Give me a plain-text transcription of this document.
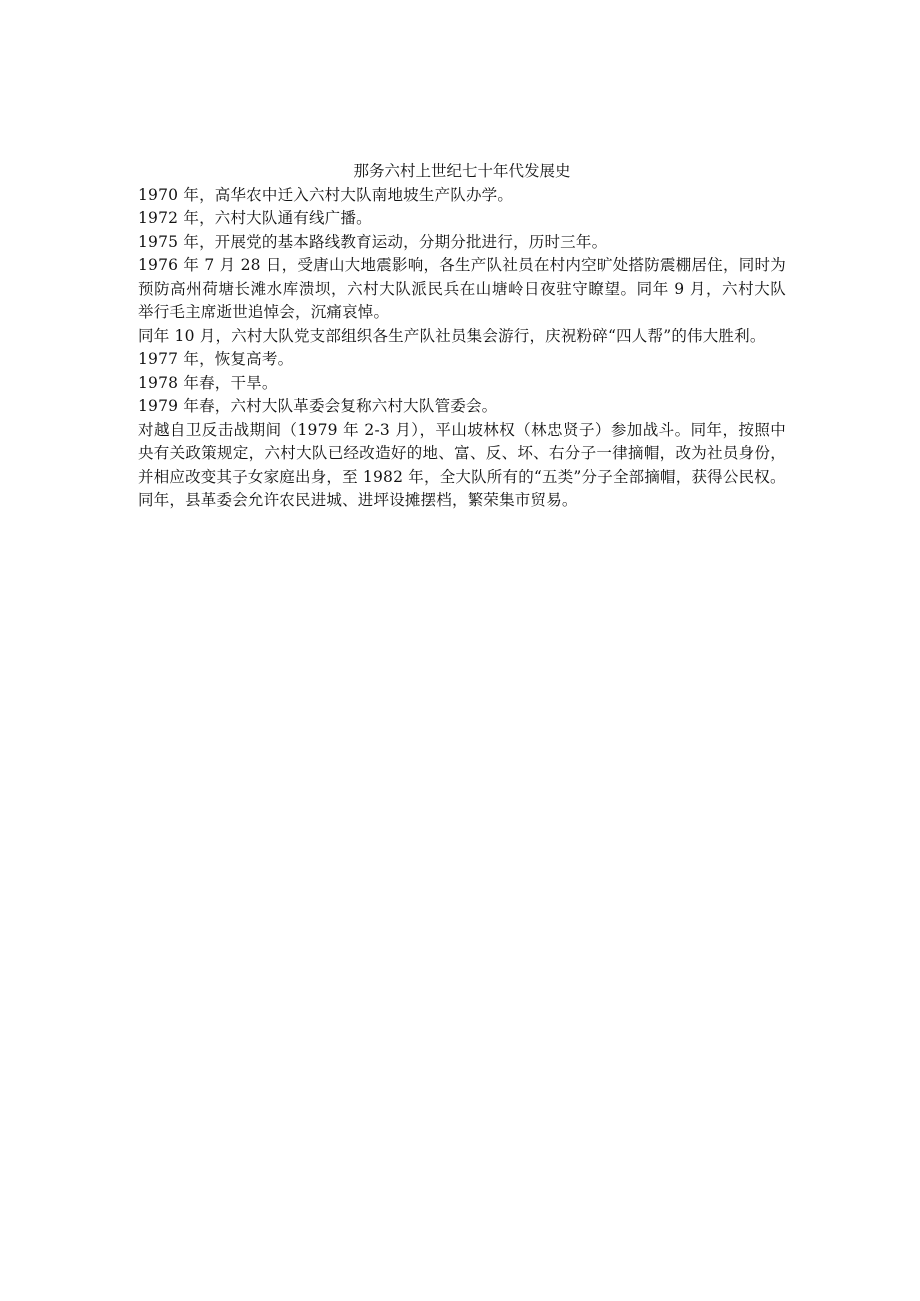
那务六村上世纪七十年代发展史

1970 年，高华农中迁入六村大队南地坡生产队办学。

1972 年，六村大队通有线广播。

1975 年，开展党的基本路线教育运动，分期分批进行，历时三年。

1976 年 7 月 28 日，受唐山大地震影响，各生产队社员在村内空旷处搭防震棚居住，同时为预防高州荷塘长滩水库溃坝，六村大队派民兵在山塘岭日夜驻守瞭望。同年 9 月，六村大队举行毛主席逝世追悼会，沉痛哀悼。

同年 10 月，六村大队党支部组织各生产队社员集会游行，庆祝粉碎“四人帮”的伟大胜利。

1977 年，恢复高考。

1978 年春，干旱。

1979 年春，六村大队革委会复称六村大队管委会。

对越自卫反击战期间（1979 年 2-3 月），平山坡林权（林忠贤子）参加战斗。同年，按照中央有关政策规定，六村大队已经改造好的地、富、反、坏、右分子一律摘帽，改为社员身份，并相应改变其子女家庭出身，至 1982 年，全大队所有的“五类”分子全部摘帽，获得公民权。

同年，县革委会允许农民进城、进坪设摊摆档，繁荣集市贸易。
